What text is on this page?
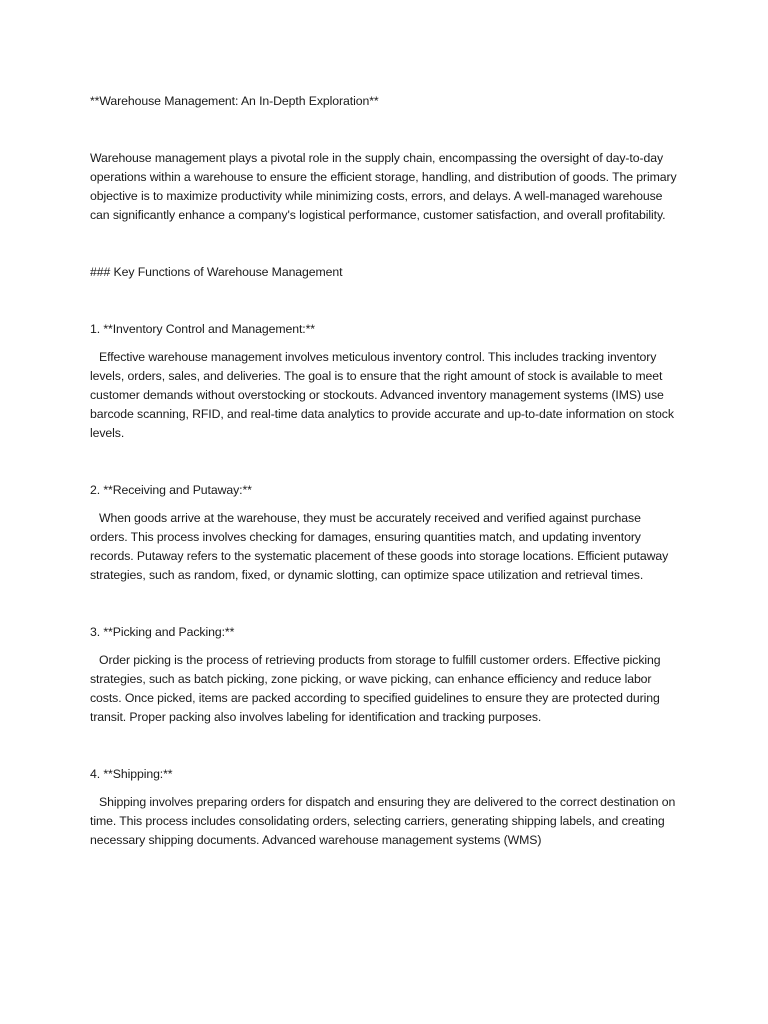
**Warehouse Management: An In-Depth Exploration**

Warehouse management plays a pivotal role in the supply chain, encompassing the oversight of day-to-day operations within a warehouse to ensure the efficient storage, handling, and distribution of goods. The primary objective is to maximize productivity while minimizing costs, errors, and delays. A well-managed warehouse can significantly enhance a company's logistical performance, customer satisfaction, and overall profitability.

### Key Functions of Warehouse Management

1. **Inventory Control and Management:**

Effective warehouse management involves meticulous inventory control. This includes tracking inventory levels, orders, sales, and deliveries. The goal is to ensure that the right amount of stock is available to meet customer demands without overstocking or stockouts. Advanced inventory management systems (IMS) use barcode scanning, RFID, and real-time data analytics to provide accurate and up-to-date information on stock levels.

2. **Receiving and Putaway:**

When goods arrive at the warehouse, they must be accurately received and verified against purchase orders. This process involves checking for damages, ensuring quantities match, and updating inventory records. Putaway refers to the systematic placement of these goods into storage locations. Efficient putaway strategies, such as random, fixed, or dynamic slotting, can optimize space utilization and retrieval times.

3. **Picking and Packing:**

Order picking is the process of retrieving products from storage to fulfill customer orders. Effective picking strategies, such as batch picking, zone picking, or wave picking, can enhance efficiency and reduce labor costs. Once picked, items are packed according to specified guidelines to ensure they are protected during transit. Proper packing also involves labeling for identification and tracking purposes.

4. **Shipping:**

Shipping involves preparing orders for dispatch and ensuring they are delivered to the correct destination on time. This process includes consolidating orders, selecting carriers, generating shipping labels, and creating necessary shipping documents. Advanced warehouse management systems (WMS)
